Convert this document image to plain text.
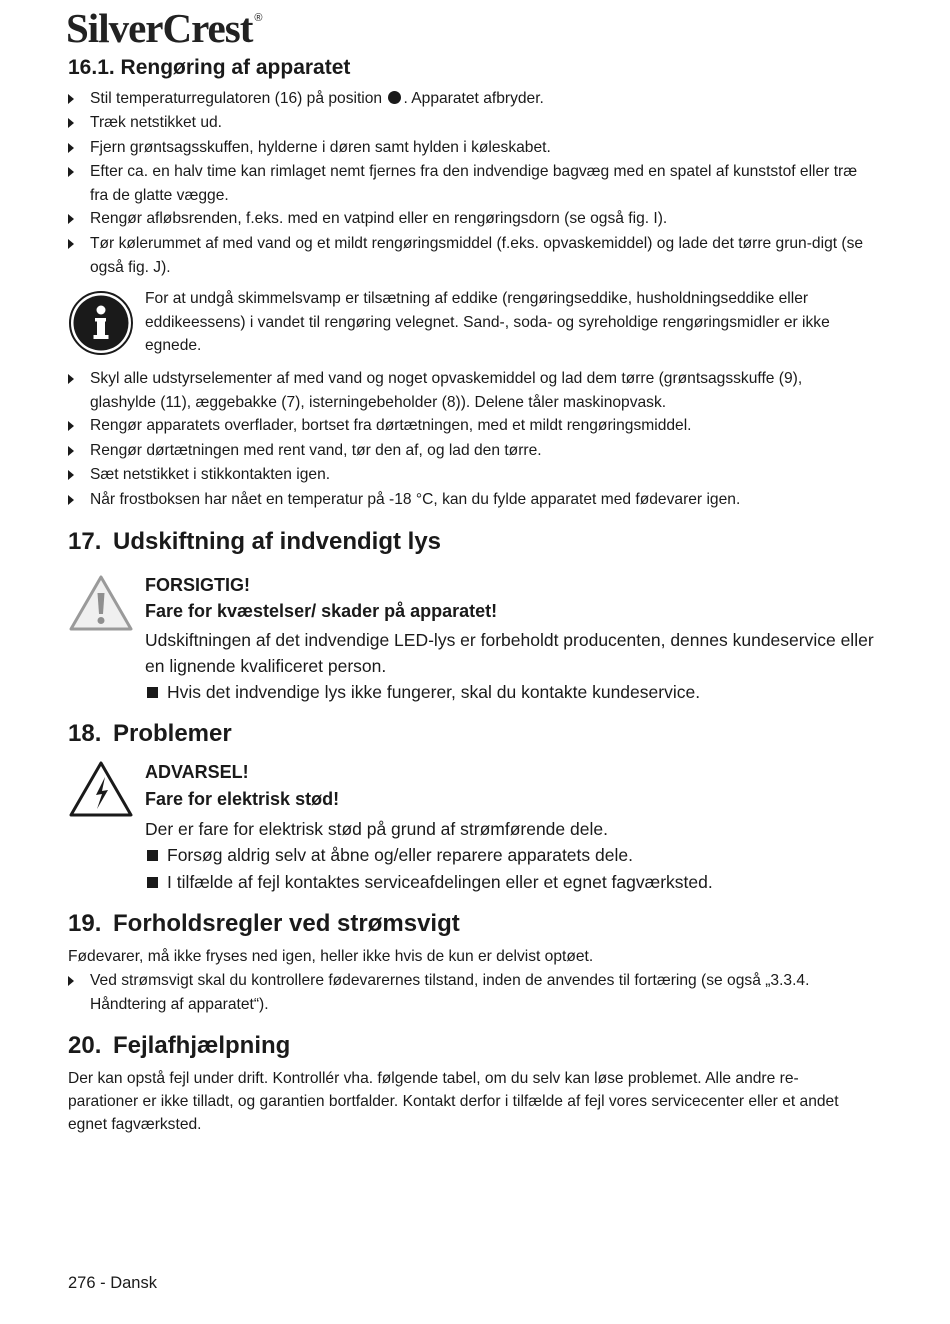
SilverCrest ®
16.1. Rengøring af apparatet
Stil temperaturregulatoren (16) på position . Apparatet afbryder.
Træk netstikket ud.
Fjern grøntsagsskuffen, hylderne i døren samt hylden i køleskabet.
Efter ca. en halv time kan rimlaget nemt fjernes fra den indvendige bagvæg med en spatel af kunststof eller træ fra de glatte vægge.
Rengør afløbsrenden, f.eks. med en vatpind eller en rengøringsdorn (se også fig. I).
Tør kølerummet af med vand og et mildt rengøringsmiddel (f.eks. opvaskemiddel) og lade det tørre grun-digt (se også fig. J).
For at undgå skimmelsvamp er tilsætning af eddike (rengøringseddike, husholdningseddike eller eddikeessens) i vandet til rengøring velegnet. Sand-, soda- og syreholdige rengøringsmidler er ikke egnede.
Skyl alle udstyrselementer af med vand og noget opvaskemiddel og lad dem tørre (grøntsagsskuffe (9), glashylde (11), æggebakke (7), isterningebeholder (8)). Delene tåler maskinopvask.
Rengør apparatets overflader, bortset fra dørtætningen, med et mildt rengøringsmiddel.
Rengør dørtætningen med rent vand, tør den af, og lad den tørre.
Sæt netstikket i stikkontakten igen.
Når frostboksen har nået en temperatur på -18 °C, kan du fylde apparatet med fødevarer igen.
17. Udskiftning af indvendigt lys
FORSIGTIG!
Fare for kvæstelser/ skader på apparatet!
Udskiftningen af det indvendige LED-lys er forbeholdt producenten, dennes kundeservice eller en lignende kvalificeret person.
Hvis det indvendige lys ikke fungerer, skal du kontakte kundeservice.
18. Problemer
ADVARSEL!
Fare for elektrisk stød!
Der er fare for elektrisk stød på grund af strømførende dele.
Forsøg aldrig selv at åbne og/eller reparere apparatets dele.
I tilfælde af fejl kontaktes serviceafdelingen eller et egnet fagværksted.
19. Forholdsregler ved strømsvigt
Fødevarer, må ikke fryses ned igen, heller ikke hvis de kun er delvist optøet.
Ved strømsvigt skal du kontrollere fødevarernes tilstand, inden de anvendes til fortæring (se også „3.3.4. Håndtering af apparatet“).
20. Fejlafhjælpning
Der kan opstå fejl under drift. Kontrollér vha. følgende tabel, om du selv kan løse problemet. Alle andre re-parationer er ikke tilladt, og garantien bortfalder. Kontakt derfor i tilfælde af fejl vores servicecenter eller et andet egnet fagværksted.
276 - Dansk
